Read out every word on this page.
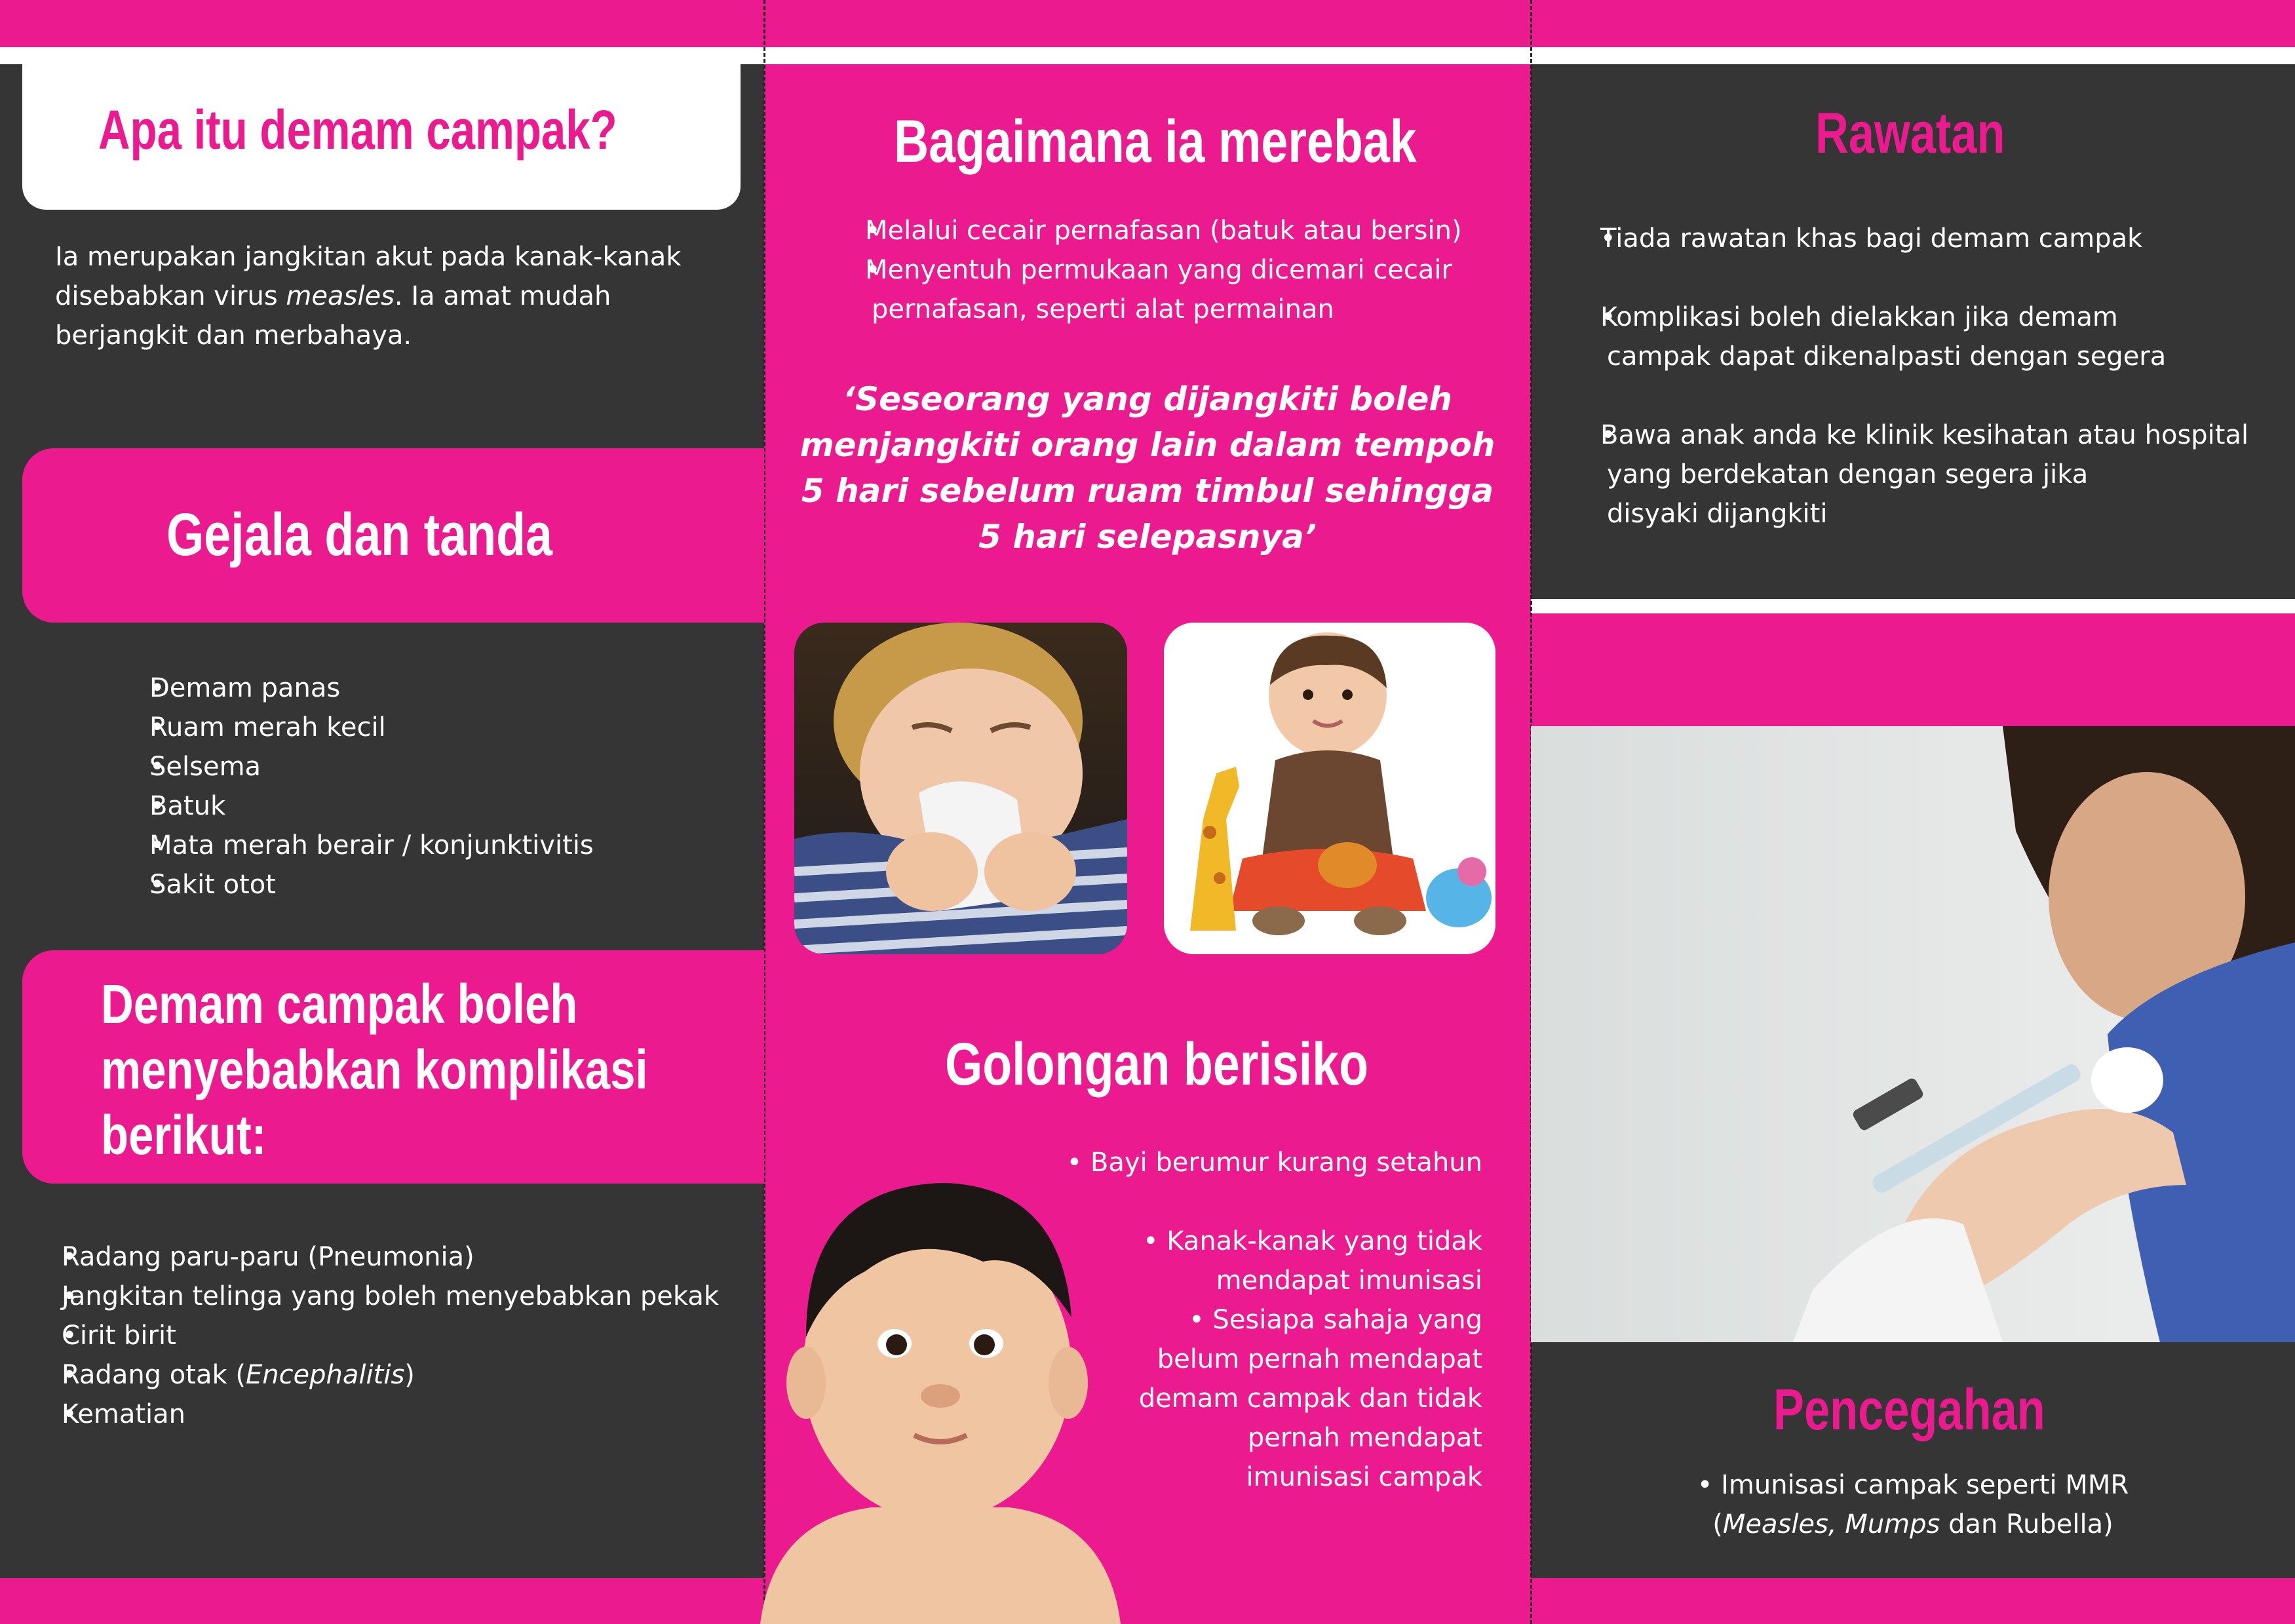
Apa itu demam campak?
Ia merupakan jangkitan akut pada kanak-kanak
disebabkan virus measles. Ia amat mudah
berjangkit dan merbahaya.
Gejala dan tanda
• Demam panas
• Ruam merah kecil
• Selsema
• Batuk
• Mata merah berair / konjunktivitis
• Sakit otot
Demam campak boleh
menyebabkan komplikasi
berikut:
• Radang paru-paru (Pneumonia)
• Jangkitan telinga yang boleh menyebabkan pekak
• Cirit birit
• Radang otak (Encephalitis)
• Kematian
Bagaimana ia merebak
• Melalui cecair pernafasan (batuk atau bersin)
• Menyentuh permukaan yang dicemari cecair
pernafasan, seperti alat permainan
‘Seseorang yang dijangkiti boleh
menjangkiti orang lain dalam tempoh
5 hari sebelum ruam timbul sehingga
5 hari selepasnya’
Golongan berisiko
• Bayi berumur kurang setahun
• Kanak-kanak yang tidak
mendapat imunisasi
• Sesiapa sahaja yang
belum pernah mendapat
demam campak dan tidak
pernah mendapat
imunisasi campak
Rawatan
• Tiada rawatan khas bagi demam campak
• Komplikasi boleh dielakkan jika demam
campak dapat dikenalpasti dengan segera
• Bawa anak anda ke klinik kesihatan atau hospital
yang berdekatan dengan segera jika
disyaki dijangkiti
Pencegahan
• Imunisasi campak seperti MMR
(Measles, Mumps dan Rubella)
